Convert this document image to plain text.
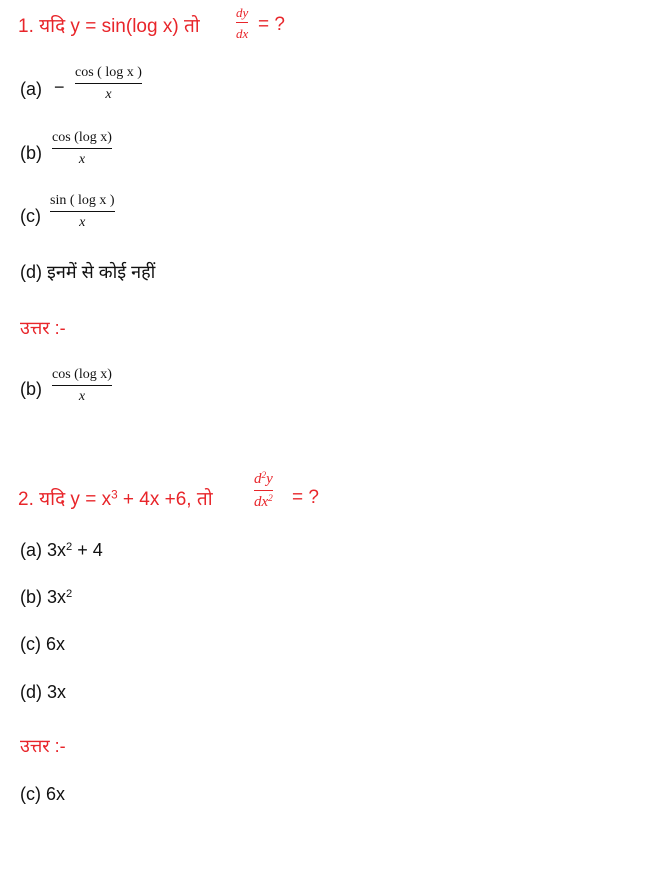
1. यदि y = sin(log x) तो
dy
dx = ?
(a) −
cos ( log x )
x
(b)
cos (log x)
x
(c)
sin ( log x )
x
(d) इनमें से कोई नहीं
उत्तर :-
(b)
cos (log x)
x
2. यदि $y = x^3 + 4x +6$, तो
$d^2y$
$dx^2$ = ?
(a) $3x^2 + 4$
(b) $3x^2$
(c) 6x
(d) 3x
उत्तर :-
(c) 6x
